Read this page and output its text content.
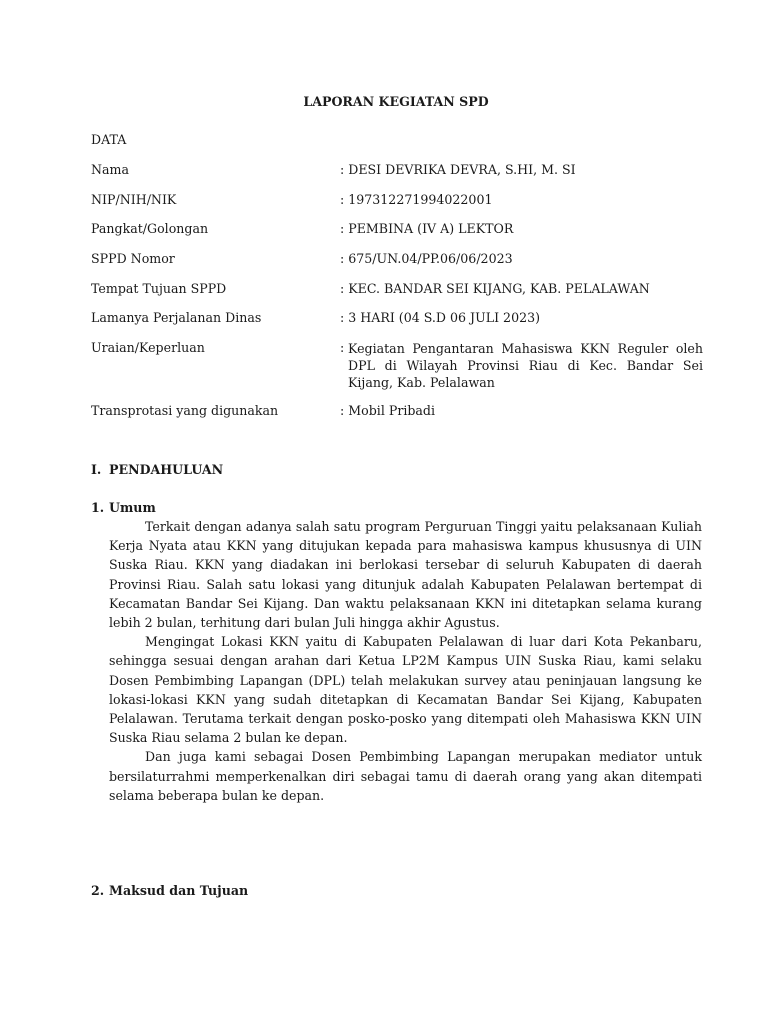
LAPORAN KEGIATAN SPD
DATA
Nama	: DESI DEVRIKA DEVRA, S.HI, M. SI
NIP/NIH/NIK	: 197312271994022001
Pangkat/Golongan	: PEMBINA (IV A) LEKTOR
SPPD Nomor	: 675/UN.04/PP.06/06/2023
Tempat Tujuan SPPD	: KEC. BANDAR SEI KIJANG, KAB. PELALAWAN
Lamanya Perjalanan Dinas	: 3 HARI (04 S.D 06 JULI 2023)
Uraian/Keperluan	: Kegiatan Pengantaran Mahasiswa KKN Reguler oleh DPL di Wilayah Provinsi Riau di Kec. Bandar Sei Kijang, Kab. Pelalawan
Transprotasi yang digunakan	: Mobil Pribadi
I. PENDAHULUAN
1. Umum

Terkait dengan adanya salah satu program Perguruan Tinggi yaitu pelaksanaan Kuliah Kerja Nyata atau KKN yang ditujukan kepada para mahasiswa kampus khususnya di UIN Suska Riau. KKN yang diadakan ini berlokasi tersebar di seluruh Kabupaten di daerah Provinsi Riau. Salah satu lokasi yang ditunjuk adalah Kabupaten Pelalawan bertempat di Kecamatan Bandar Sei Kijang. Dan waktu pelaksanaan KKN ini ditetapkan selama kurang lebih 2 bulan, terhitung dari bulan Juli hingga akhir Agustus.

Mengingat Lokasi KKN yaitu di Kabupaten Pelalawan di luar dari Kota Pekanbaru, sehingga sesuai dengan arahan dari Ketua LP2M Kampus UIN Suska Riau, kami selaku Dosen Pembimbing Lapangan (DPL) telah melakukan survey atau peninjauan langsung ke lokasi-lokasi KKN yang sudah ditetapkan di Kecamatan Bandar Sei Kijang, Kabupaten Pelalawan. Terutama terkait dengan posko-posko yang ditempati oleh Mahasiswa KKN UIN Suska Riau selama 2 bulan ke depan.

Dan juga kami sebagai Dosen Pembimbing Lapangan merupakan mediator untuk bersilaturrahmi memperkenalkan diri sebagai tamu di daerah orang yang akan ditempati selama beberapa bulan ke depan.

2. Maksud dan Tujuan
